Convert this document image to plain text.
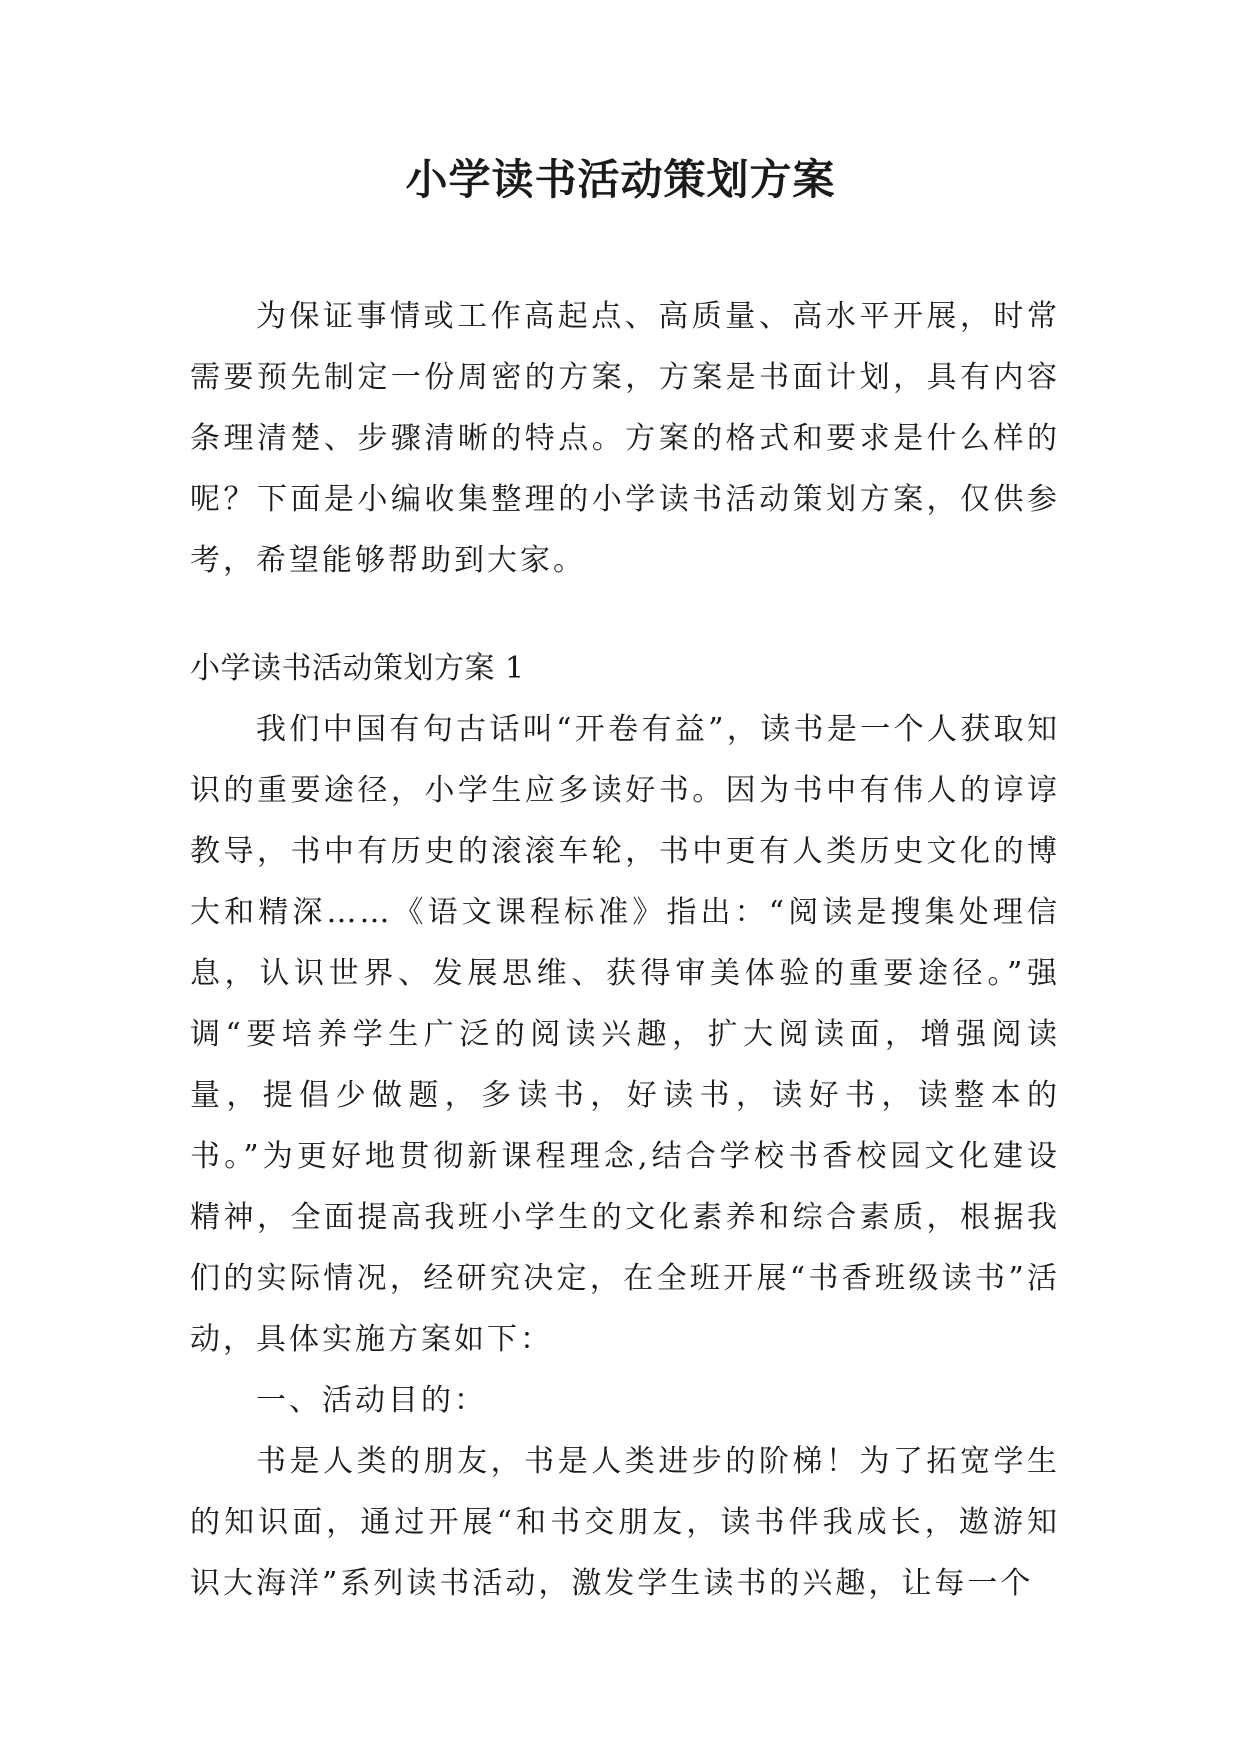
小学读书活动策划方案

为保证事情或工作高起点、高质量、高水平开展，时常需要预先制定一份周密的方案，方案是书面计划，具有内容条理清楚、步骤清晰的特点。方案的格式和要求是什么样的呢？下面是小编收集整理的小学读书活动策划方案，仅供参考，希望能够帮助到大家。

小学读书活动策划方案 1

我们中国有句古话叫“开卷有益”，读书是一个人获取知识的重要途径，小学生应多读好书。因为书中有伟人的谆谆教导，书中有历史的滚滚车轮，书中更有人类历史文化的博大和精深……《语文课程标准》指出：“阅读是搜集处理信息，认识世界、发展思维、获得审美体验的重要途径。”强调“要培养学生广泛的阅读兴趣，扩大阅读面，增强阅读量，提倡少做题，多读书，好读书，读好书，读整本的书。”为更好地贯彻新课程理念,结合学校书香校园文化建设精神，全面提高我班小学生的文化素养和综合素质，根据我们的实际情况，经研究决定，在全班开展“书香班级读书”活动，具体实施方案如下：

一、活动目的：

书是人类的朋友，书是人类进步的阶梯！为了拓宽学生的知识面，通过开展“和书交朋友，读书伴我成长，遨游知识大海洋”系列读书活动，激发学生读书的兴趣，让每一个
